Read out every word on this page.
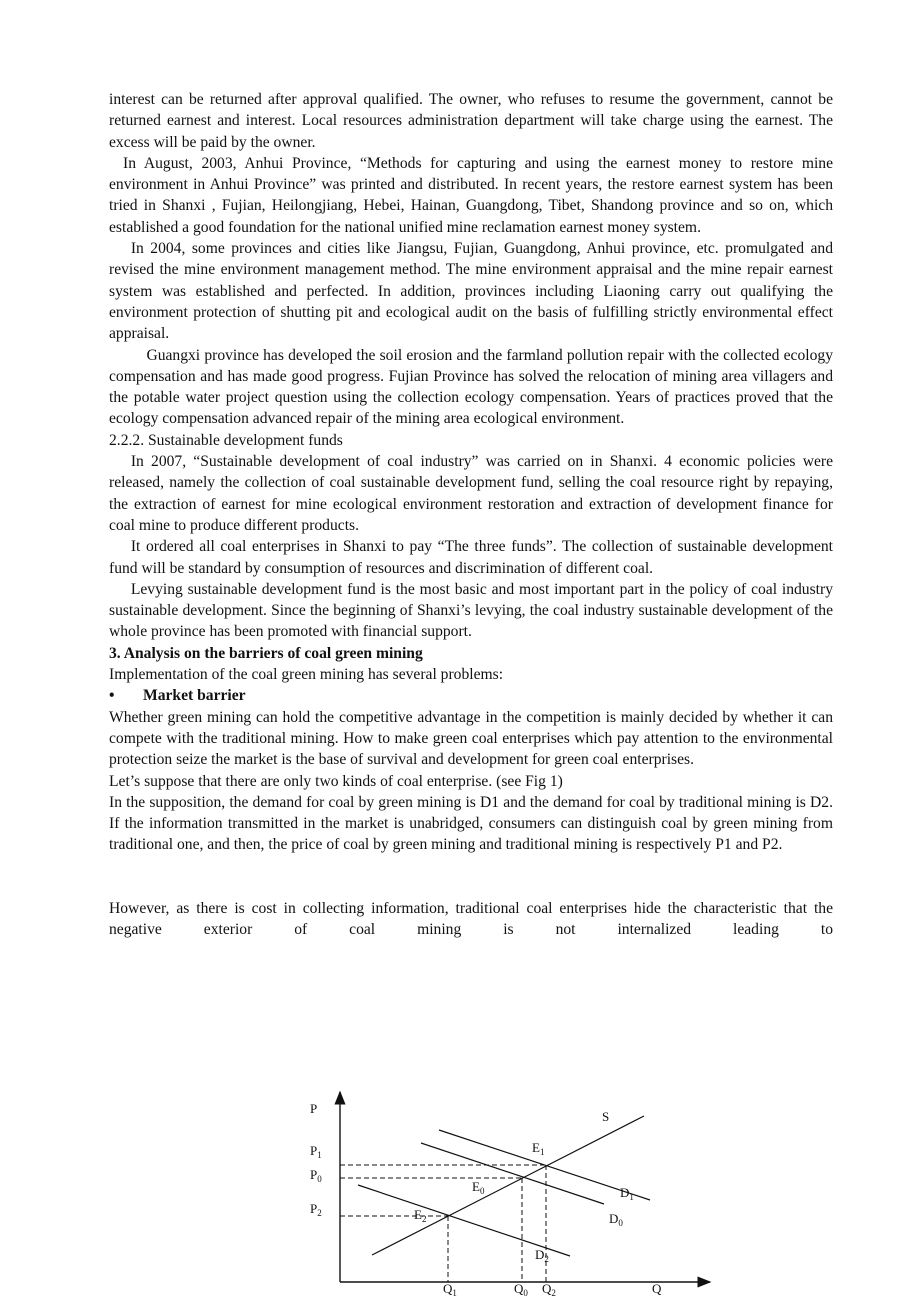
interest can be returned after approval qualified. The owner, who refuses to resume the government, cannot be returned earnest and interest. Local resources administration department will take charge using the earnest. The excess will be paid by the owner.

In August, 2003, Anhui Province, “Methods for capturing and using the earnest money to restore mine environment in Anhui Province” was printed and distributed. In recent years, the restore earnest system has been tried in Shanxi , Fujian, Heilongjiang, Hebei, Hainan, Guangdong, Tibet, Shandong province and so on, which established a good foundation for the national unified mine reclamation earnest money system.

In 2004, some provinces and cities like Jiangsu, Fujian, Guangdong, Anhui province, etc. promulgated and revised the mine environment management method. The mine environment appraisal and the mine repair earnest system was established and perfected. In addition, provinces including Liaoning carry out qualifying the environment protection of shutting pit and ecological audit on the basis of fulfilling strictly environmental effect appraisal.

Guangxi province has developed the soil erosion and the farmland pollution repair with the collected ecology compensation and has made good progress. Fujian Province has solved the relocation of mining area villagers and the potable water project question using the collection ecology compensation. Years of practices proved that the ecology compensation advanced repair of the mining area ecological environment.

2.2.2. Sustainable development funds

In 2007, “Sustainable development of coal industry” was carried on in Shanxi. 4 economic policies were released, namely the collection of coal sustainable development fund, selling the coal resource right by repaying, the extraction of earnest for mine ecological environment restoration and extraction of development finance for coal mine to produce different products.

It ordered all coal enterprises in Shanxi to pay “The three funds”. The collection of sustainable development fund will be standard by consumption of resources and discrimination of different coal.

Levying sustainable development fund is the most basic and most important part in the policy of coal industry sustainable development. Since the beginning of Shanxi’s levying, the coal industry sustainable development of the whole province has been promoted with financial support.

3. Analysis on the barriers of coal green mining

Implementation of the coal green mining has several problems:

•	Market barrier

Whether green mining can hold the competitive advantage in the competition is mainly decided by whether it can compete with the traditional mining. How to make green coal enterprises which pay attention to the environmental protection seize the market is the base of survival and development for green coal enterprises.

Let’s suppose that there are only two kinds of coal enterprise. (see Fig 1)

In the supposition, the demand for coal by green mining is D1 and the demand for coal by traditional mining is D2. If the information transmitted in the market is unabridged, consumers can distinguish coal by green mining from traditional one, and then, the price of coal by green mining and traditional mining is respectively P1 and P2.

However, as there is cost in collecting information, traditional coal enterprises hide the characteristic that the negative exterior of coal mining is not internalized leading to

P
Q
S
$P_1$
$P_0$
$P_2$
$E_1$
$E_0$
$E_2$
$D_1$
$D_0$
$D_2$
$Q_1$	$Q_0$ $Q_2$
